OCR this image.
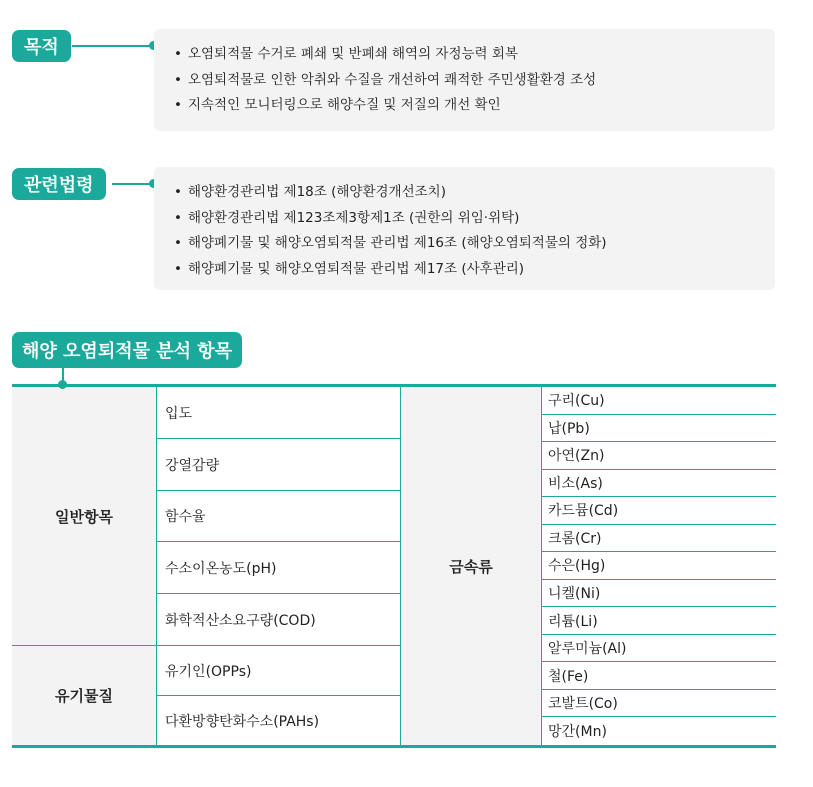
목적	• 오염퇴적물 수거로 폐쇄 및 반폐쇄 해역의 자정능력 회복
• 오염퇴적물로 인한 악취와 수질을 개선하여 쾌적한 주민생활환경 조성
• 지속적인 모니터링으로 해양수질 및 저질의 개선 확인
관련법령	• 해양환경관리법 제18조 (해양환경개선조치)
• 해양환경관리법 제123조제3항제1조 (권한의 위임·위탁)
• 해양폐기물 및 해양오염퇴적물 관리법 제16조 (해양오염퇴적물의 정화)
• 해양폐기물 및 해양오염퇴적물 관리법 제17조 (사후관리)
해양 오염퇴적물 분석 항목
일반항목
유기물질
입도
강열감량
함수율
수소이온농도(pH)
화학적산소요구량(COD)
유기인(OPPs)
다환방향탄화수소(PAHs)
금속류
구리(Cu)
납(Pb)
아연(Zn)
비소(As)
카드뮴(Cd)
크롬(Cr)
수은(Hg)
니켈(Ni)
리튬(Li)
알루미늄(Al)
철(Fe)
코발트(Co)
망간(Mn)
